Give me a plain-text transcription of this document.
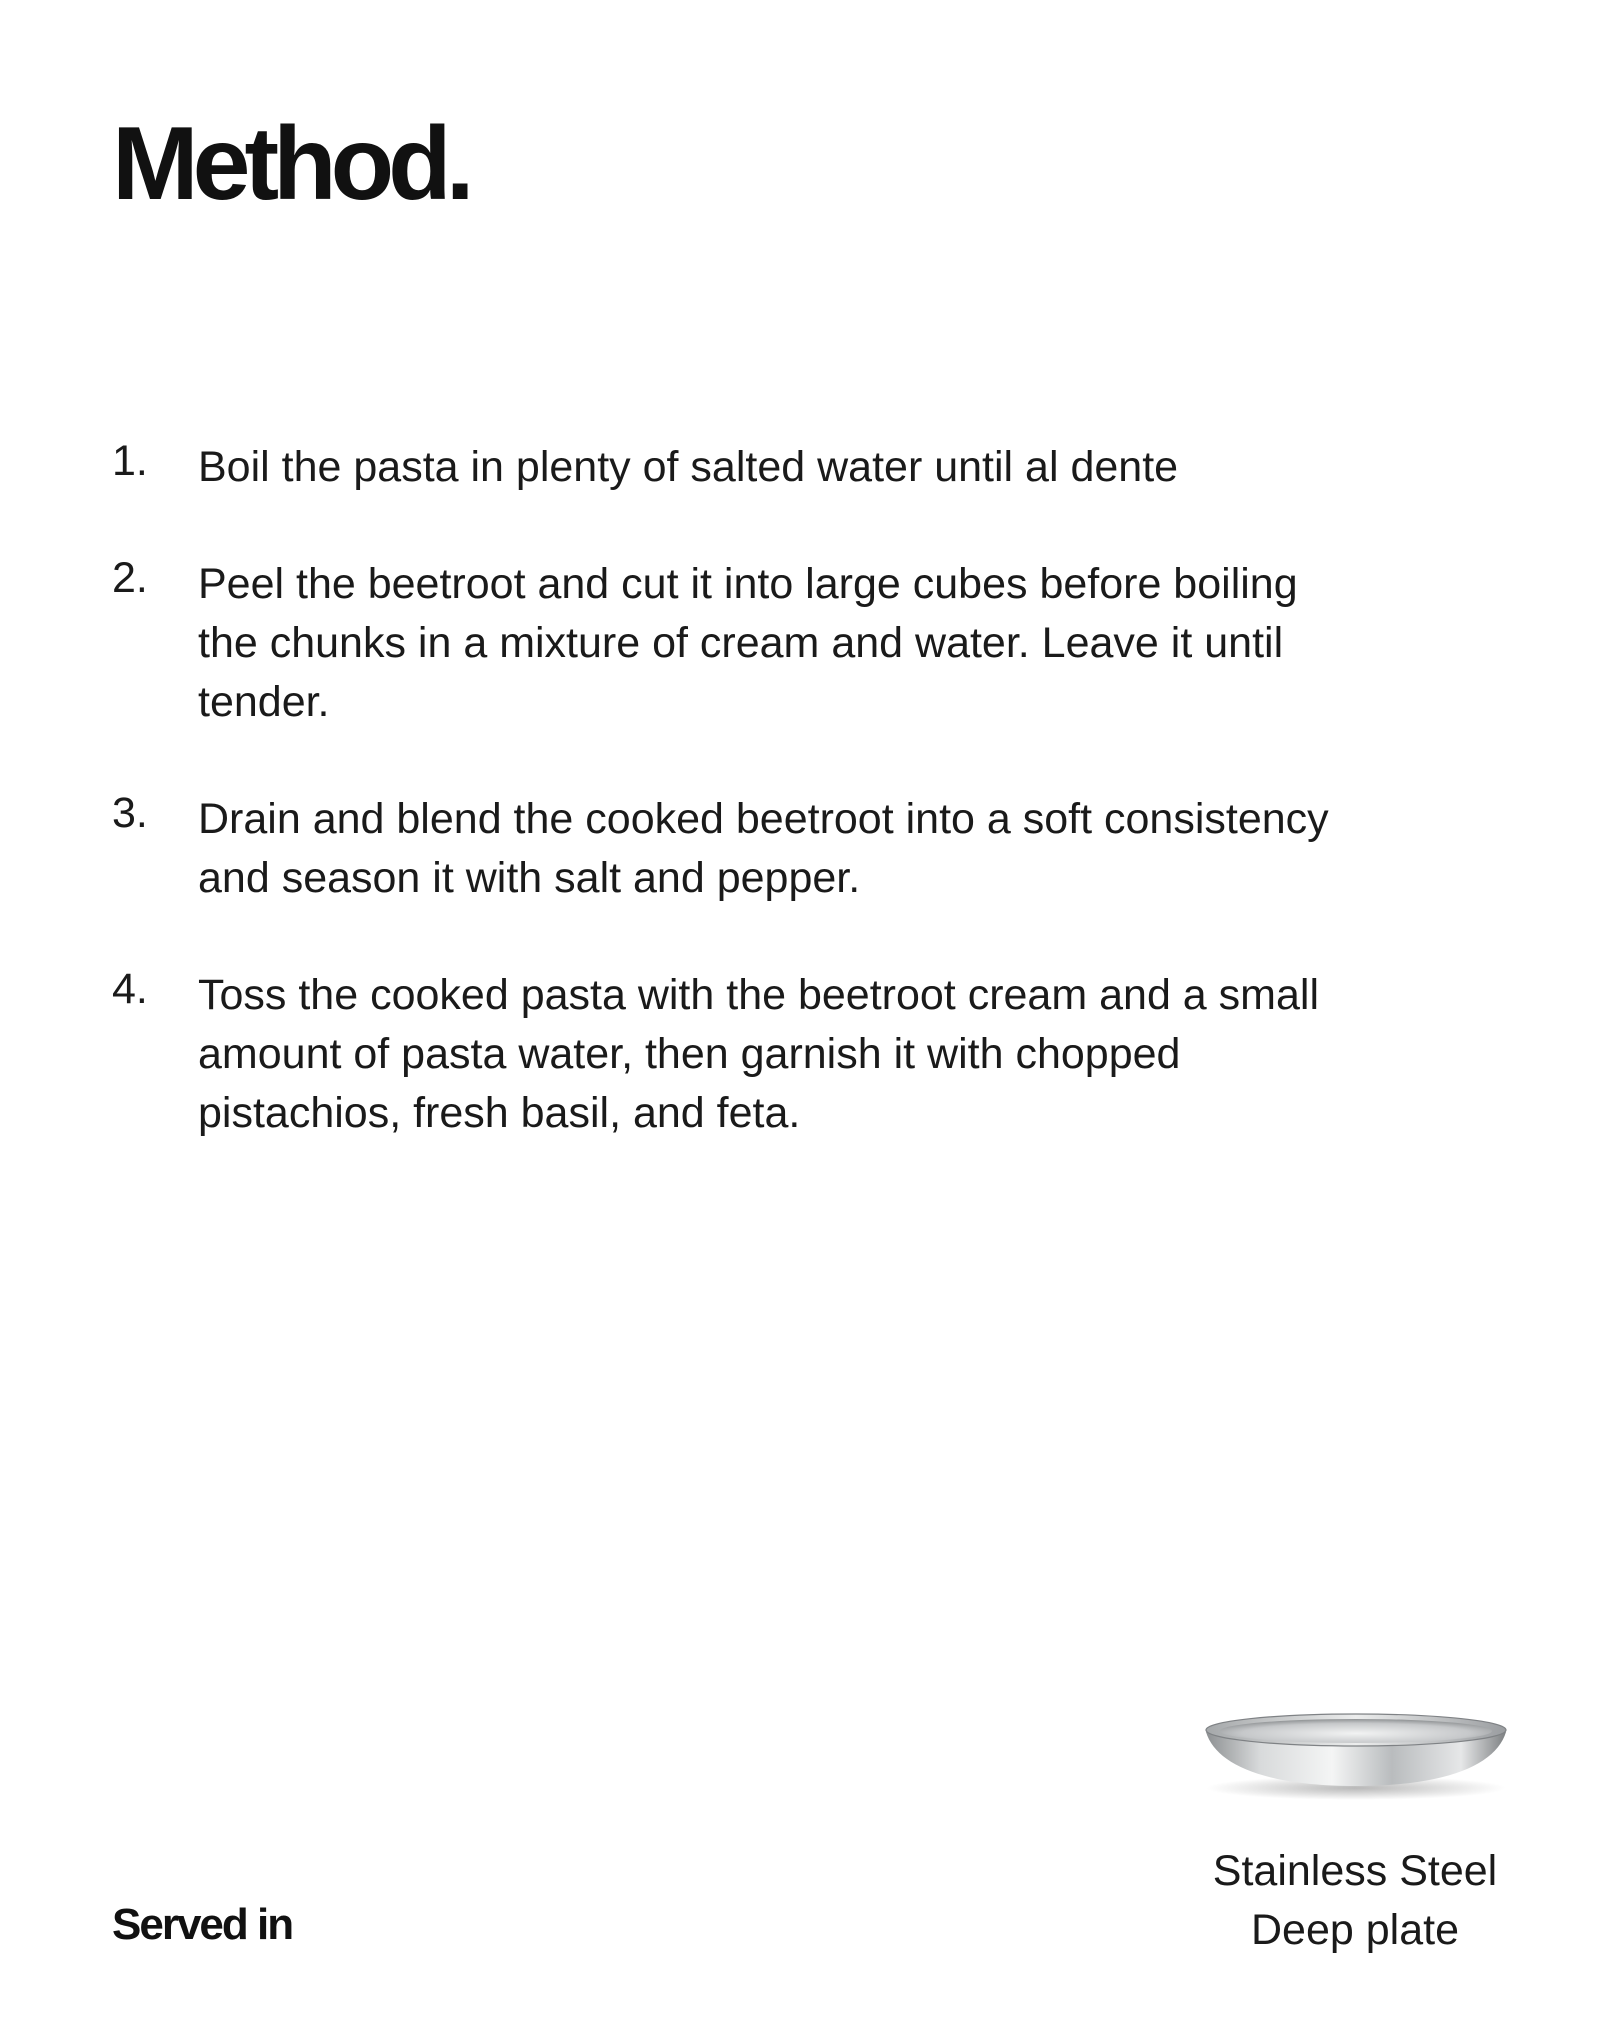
Method.
1.	Boil the pasta in plenty of salted water until al dente
2.	Peel the beetroot and cut it into large cubes before boiling the chunks in a mixture of cream and water. Leave it until tender.
3.	Drain and blend the cooked beetroot into a soft consistency and season it with salt and pepper.
4.	Toss the cooked pasta with the beetroot cream and a small amount of pasta water, then garnish it with chopped pistachios, fresh basil, and feta.

Served in

Stainless Steel
Deep plate
